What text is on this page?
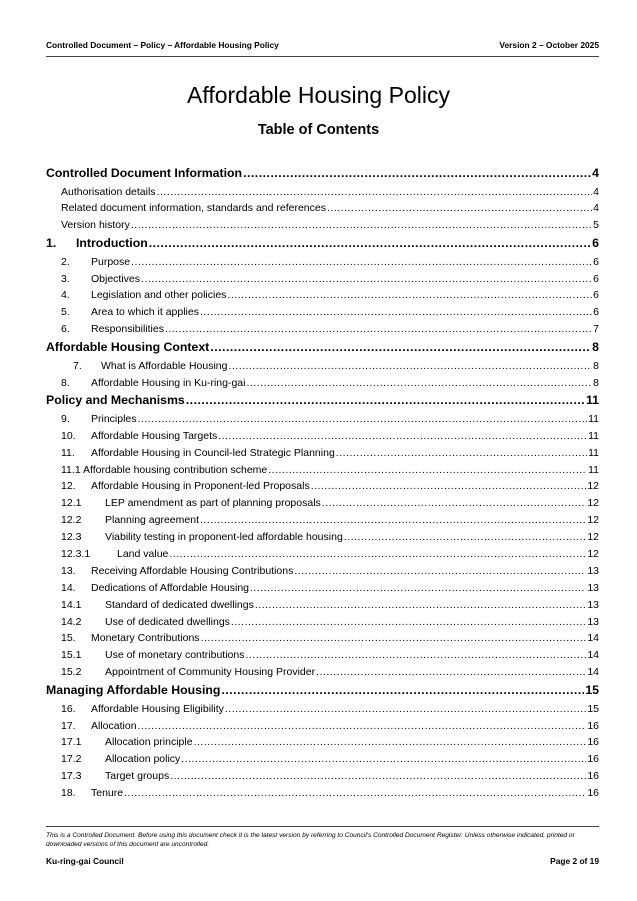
Controlled Document – Policy – Affordable Housing Policy	Version 2 – October 2025
Affordable Housing Policy
Table of Contents
Controlled Document Information .....	4
Authorisation details .....	4
Related document information, standards and references .....	4
Version history .....	5
1.	Introduction .....	6
2.	Purpose .....	6
3.	Objectives .....	6
4.	Legislation and other policies .....	6
5.	Area to which it applies .....	6
6.	Responsibilities .....	7
Affordable Housing Context .....	8
7.	What is Affordable Housing .....	8
8.	Affordable Housing in Ku-ring-gai .....	8
Policy and Mechanisms .....	11
9.	Principles .....	11
10.	Affordable Housing Targets .....	11
11.	Affordable Housing in Council-led Strategic Planning .....	11
11.1 Affordable housing contribution scheme .....	11
12.	Affordable Housing in Proponent-led Proposals .....	12
12.1	LEP amendment as part of planning proposals .....	12
12.2	Planning agreement .....	12
12.3	Viability testing in proponent-led affordable housing .....	12
12.3.1	Land value .....	12
13.	Receiving Affordable Housing Contributions .....	13
14.	Dedications of Affordable Housing .....	13
14.1	Standard of dedicated dwellings .....	13
14.2	Use of dedicated dwellings .....	13
15.	Monetary Contributions .....	14
15.1	Use of monetary contributions .....	14
15.2	Appointment of Community Housing Provider .....	14
Managing Affordable Housing .....	15
16.	Affordable Housing Eligibility .....	15
17.	Allocation .....	16
17.1	Allocation principle .....	16
17.2	Allocation policy .....	16
17.3	Target groups .....	16
18.	Tenure .....	16
This is a Controlled Document. Before using this document check it is the latest version by referring to Council's Controlled Document Register. Unless otherwise indicated, printed or downloaded versions of this document are uncontrolled.
Ku-ring-gai Council	Page 2 of 19
